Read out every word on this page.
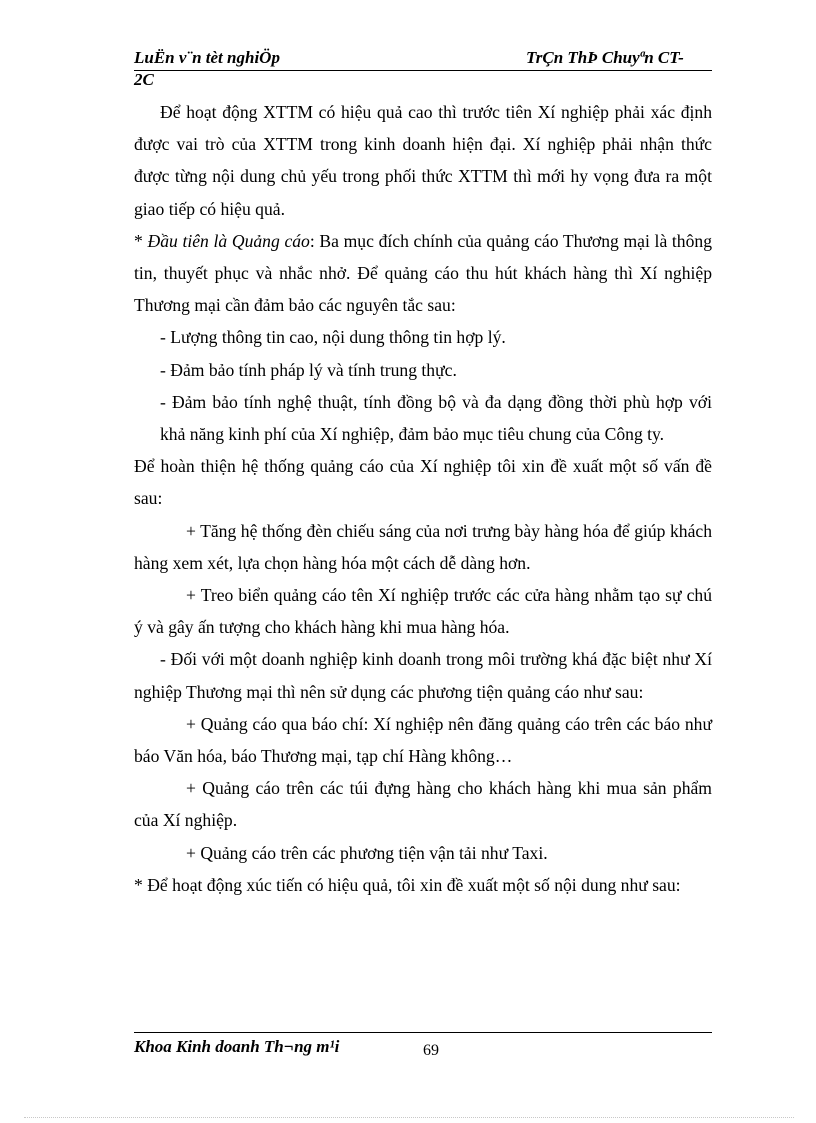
LuËn v¨n tèt nghiÖp	TrÇn ThÞ Chuyªn CT-
2C

Để hoạt động XTTM có hiệu quả cao thì trước tiên Xí nghiệp phải xác định được vai trò của XTTM trong kinh doanh hiện đại. Xí nghiệp phải nhận thức được từng nội dung chủ yếu trong phối thức XTTM thì mới hy vọng đưa ra một giao tiếp có hiệu quả.

* Đầu tiên là Quảng cáo: Ba mục đích chính của quảng cáo Thương mại là thông tin, thuyết phục và nhắc nhở. Để quảng cáo thu hút khách hàng thì Xí nghiệp Thương mại cần đảm bảo các nguyên tắc sau:

- Lượng thông tin cao, nội dung thông tin hợp lý.

- Đảm bảo tính pháp lý và tính trung thực.

- Đảm bảo tính nghệ thuật, tính đồng bộ và đa dạng đồng thời phù hợp với khả năng kinh phí của Xí nghiệp, đảm bảo mục tiêu chung của Công ty.

Để hoàn thiện hệ thống quảng cáo của Xí nghiệp tôi xin đề xuất một số vấn đề sau:

+ Tăng hệ thống đèn chiếu sáng của nơi trưng bày hàng hóa để giúp khách hàng xem xét, lựa chọn hàng hóa một cách dễ dàng hơn.

+ Treo biển quảng cáo tên Xí nghiệp trước các cửa hàng nhằm tạo sự chú ý và gây ấn tượng cho khách hàng khi mua hàng hóa.

- Đối với một doanh nghiệp kinh doanh trong môi trường khá đặc biệt như Xí nghiệp Thương mại thì nên sử dụng các phương tiện quảng cáo như sau:

+ Quảng cáo qua báo chí: Xí nghiệp nên đăng quảng cáo trên các báo như báo Văn hóa, báo Thương mại, tạp chí Hàng không…

+ Quảng cáo trên các túi đựng hàng cho khách hàng khi mua sản phẩm của Xí nghiệp.

+ Quảng cáo trên các phương tiện vận tải như Taxi.

* Để hoạt động xúc tiến có hiệu quả, tôi xin đề xuất một số nội dung như sau:

Khoa Kinh doanh Th¬ng m¹i	69
